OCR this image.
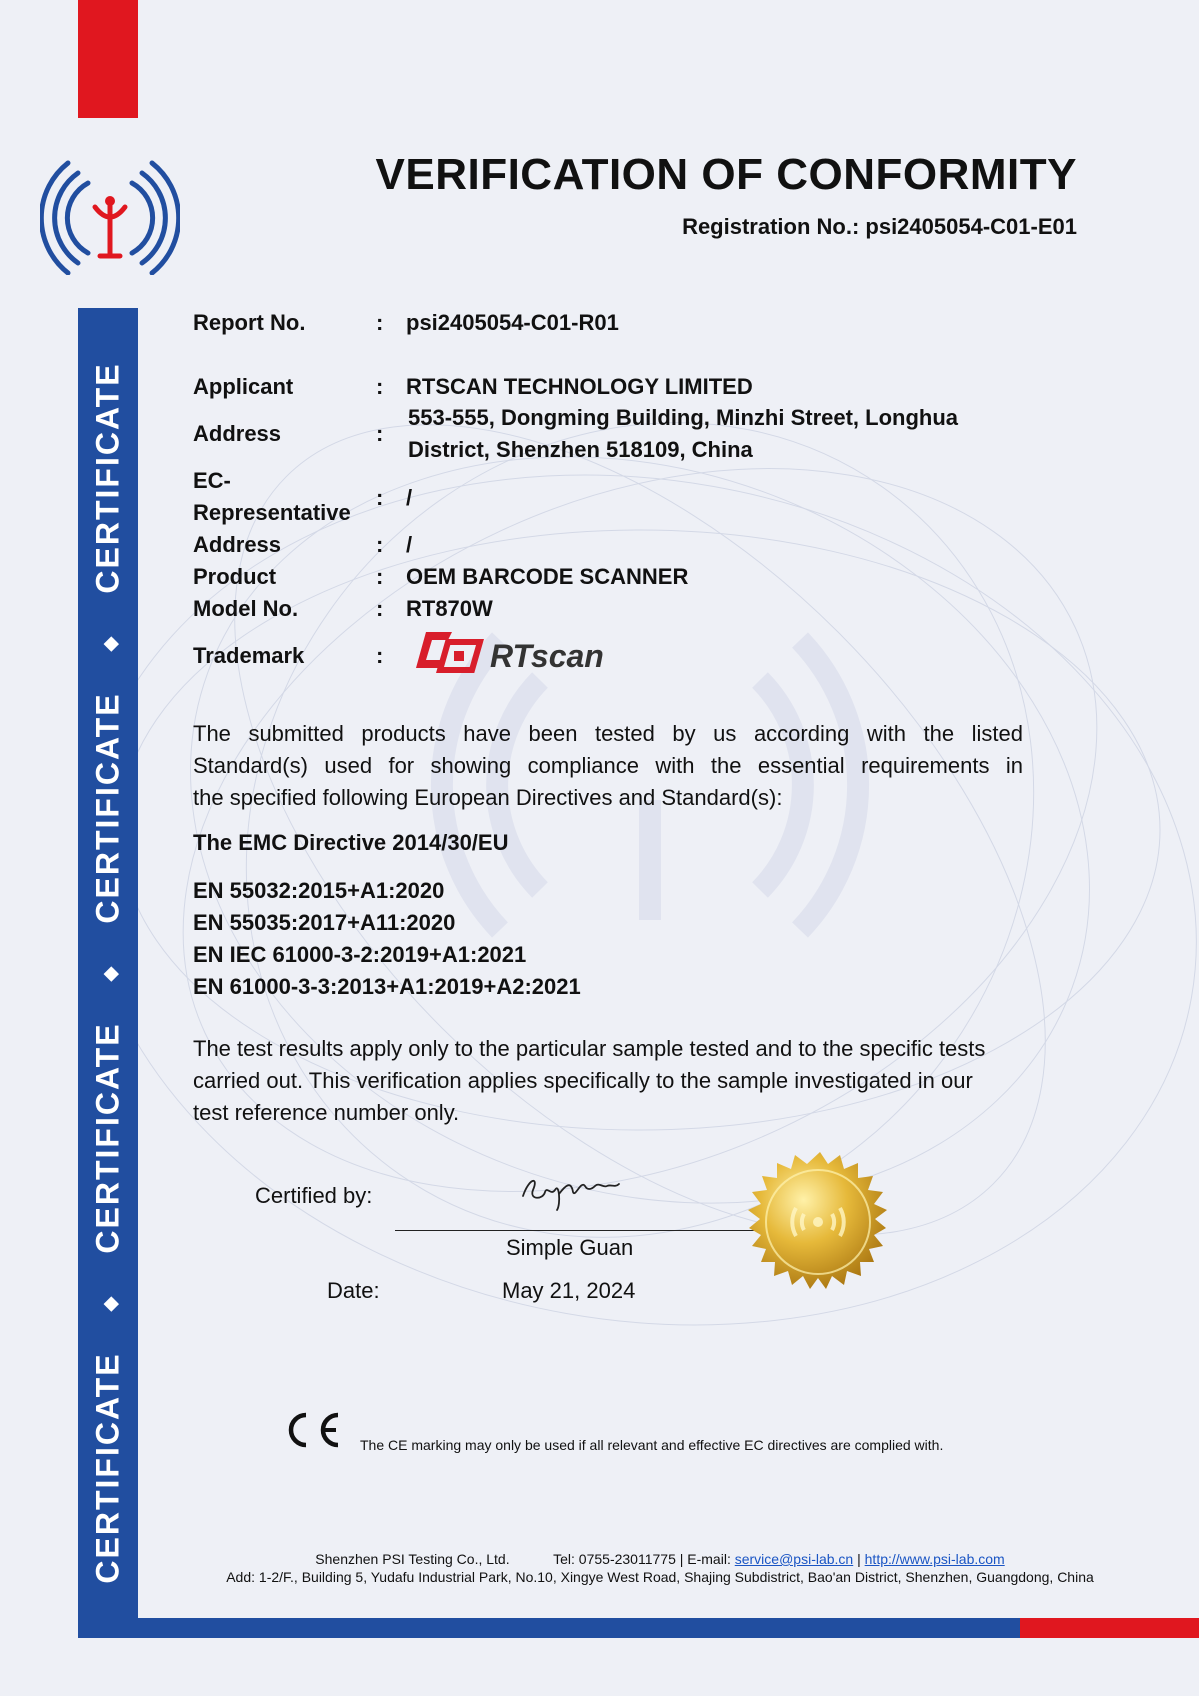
CERTIFICATE◆CERTIFICATE◆CERTIFICATE◆CERTIFICATE
VERIFICATION OF CONFORMITY
Registration No.: psi2405054-C01-E01
Report No.	: psi2405054-C01-R01
Applicant	: RTSCAN TECHNOLOGY LIMITED
Address	:
553-555, Dongming Building, Minzhi Street, Longhua
District, Shenzhen 518109, China
EC-
Representative
: /
Address	: /
Product	: OEM BARCODE SCANNER
Model No.	: RT870W
Trademark	:	RTscan
The submitted products have been tested by us according with the listed
Standard(s) used for showing compliance with the essential requirements in
the specified following European Directives and Standard(s):
The EMC Directive 2014/30/EU
EN 55032:2015+A1:2020
EN 55035:2017+A11:2020
EN IEC 61000-3-2:2019+A1:2021
EN 61000-3-3:2013+A1:2019+A2:2021
The test results apply only to the particular sample tested and to the specific tests
carried out. This verification applies specifically to the sample investigated in our
test reference number only.
Certified by:
Simple Guan
Date:	May 21, 2024
The CE marking may only be used if all relevant and effective EC directives are complied with.
Shenzhen PSI Testing Co., Ltd.	Tel: 0755-23011775 | E-mail: service@psi-lab.cn | http://www.psi-lab.com
Add: 1-2/F., Building 5, Yudafu Industrial Park, No.10, Xingye West Road, Shajing Subdistrict, Bao'an District, Shenzhen, Guangdong, China
